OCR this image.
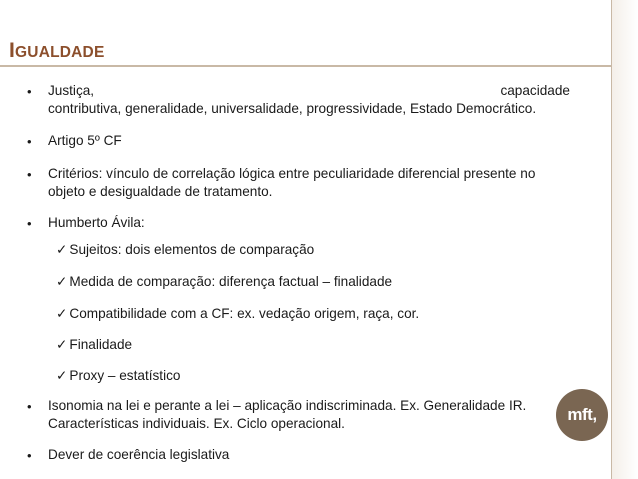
IGUALDADE
• Justiça,	capacidade
contributiva, generalidade, universalidade, progressividade, Estado Democrático.
• Artigo 5º CF
• Critérios: vínculo de correlação lógica entre peculiaridade diferencial presente no
objeto e desigualdade de tratamento.
• Humberto Ávila:
✓ Sujeitos: dois elementos de comparação
✓ Medida de comparação: diferença factual – finalidade
✓ Compatibilidade com a CF: ex. vedação origem, raça, cor.
✓ Finalidade
✓ Proxy – estatístico
• Isonomia na lei e perante a lei – aplicação indiscriminada. Ex. Generalidade IR.
Características individuais. Ex. Ciclo operacional.
• Dever de coerência legislativa
mft,
